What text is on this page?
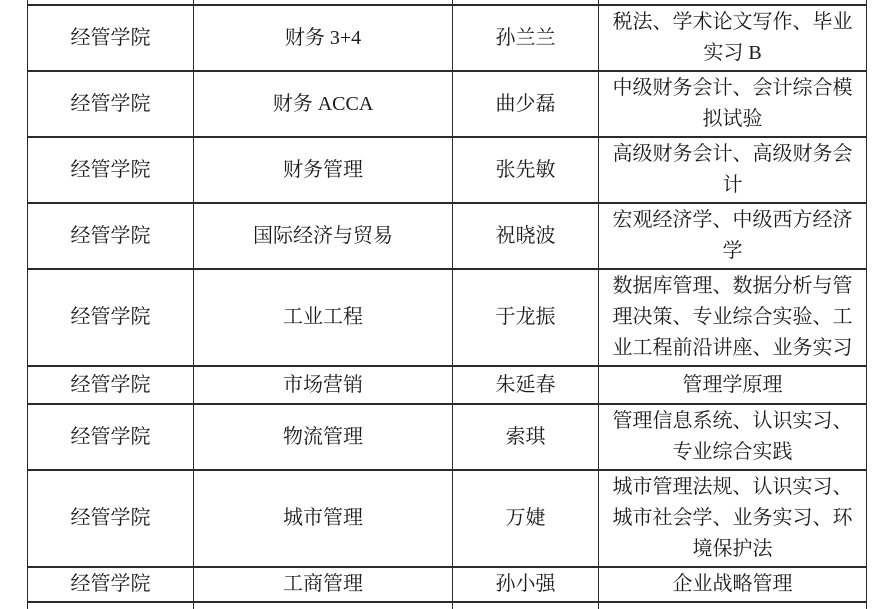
经管学院	财务 3+4	孙兰兰	税法、学术论文写作、毕业实习 B
经管学院	财务 ACCA	曲少磊	中级财务会计、会计综合模拟试验
经管学院	财务管理	张先敏	高级财务会计、高级财务会计
经管学院	国际经济与贸易	祝晓波	宏观经济学、中级西方经济学
经管学院	工业工程	于龙振	数据库管理、数据分析与管理决策、专业综合实验、工业工程前沿讲座、业务实习
经管学院	市场营销	朱延春	管理学原理
经管学院	物流管理	索琪	管理信息系统、认识实习、专业综合实践
经管学院	城市管理	万婕	城市管理法规、认识实习、城市社会学、业务实习、环境保护法
经管学院	工商管理	孙小强	企业战略管理
